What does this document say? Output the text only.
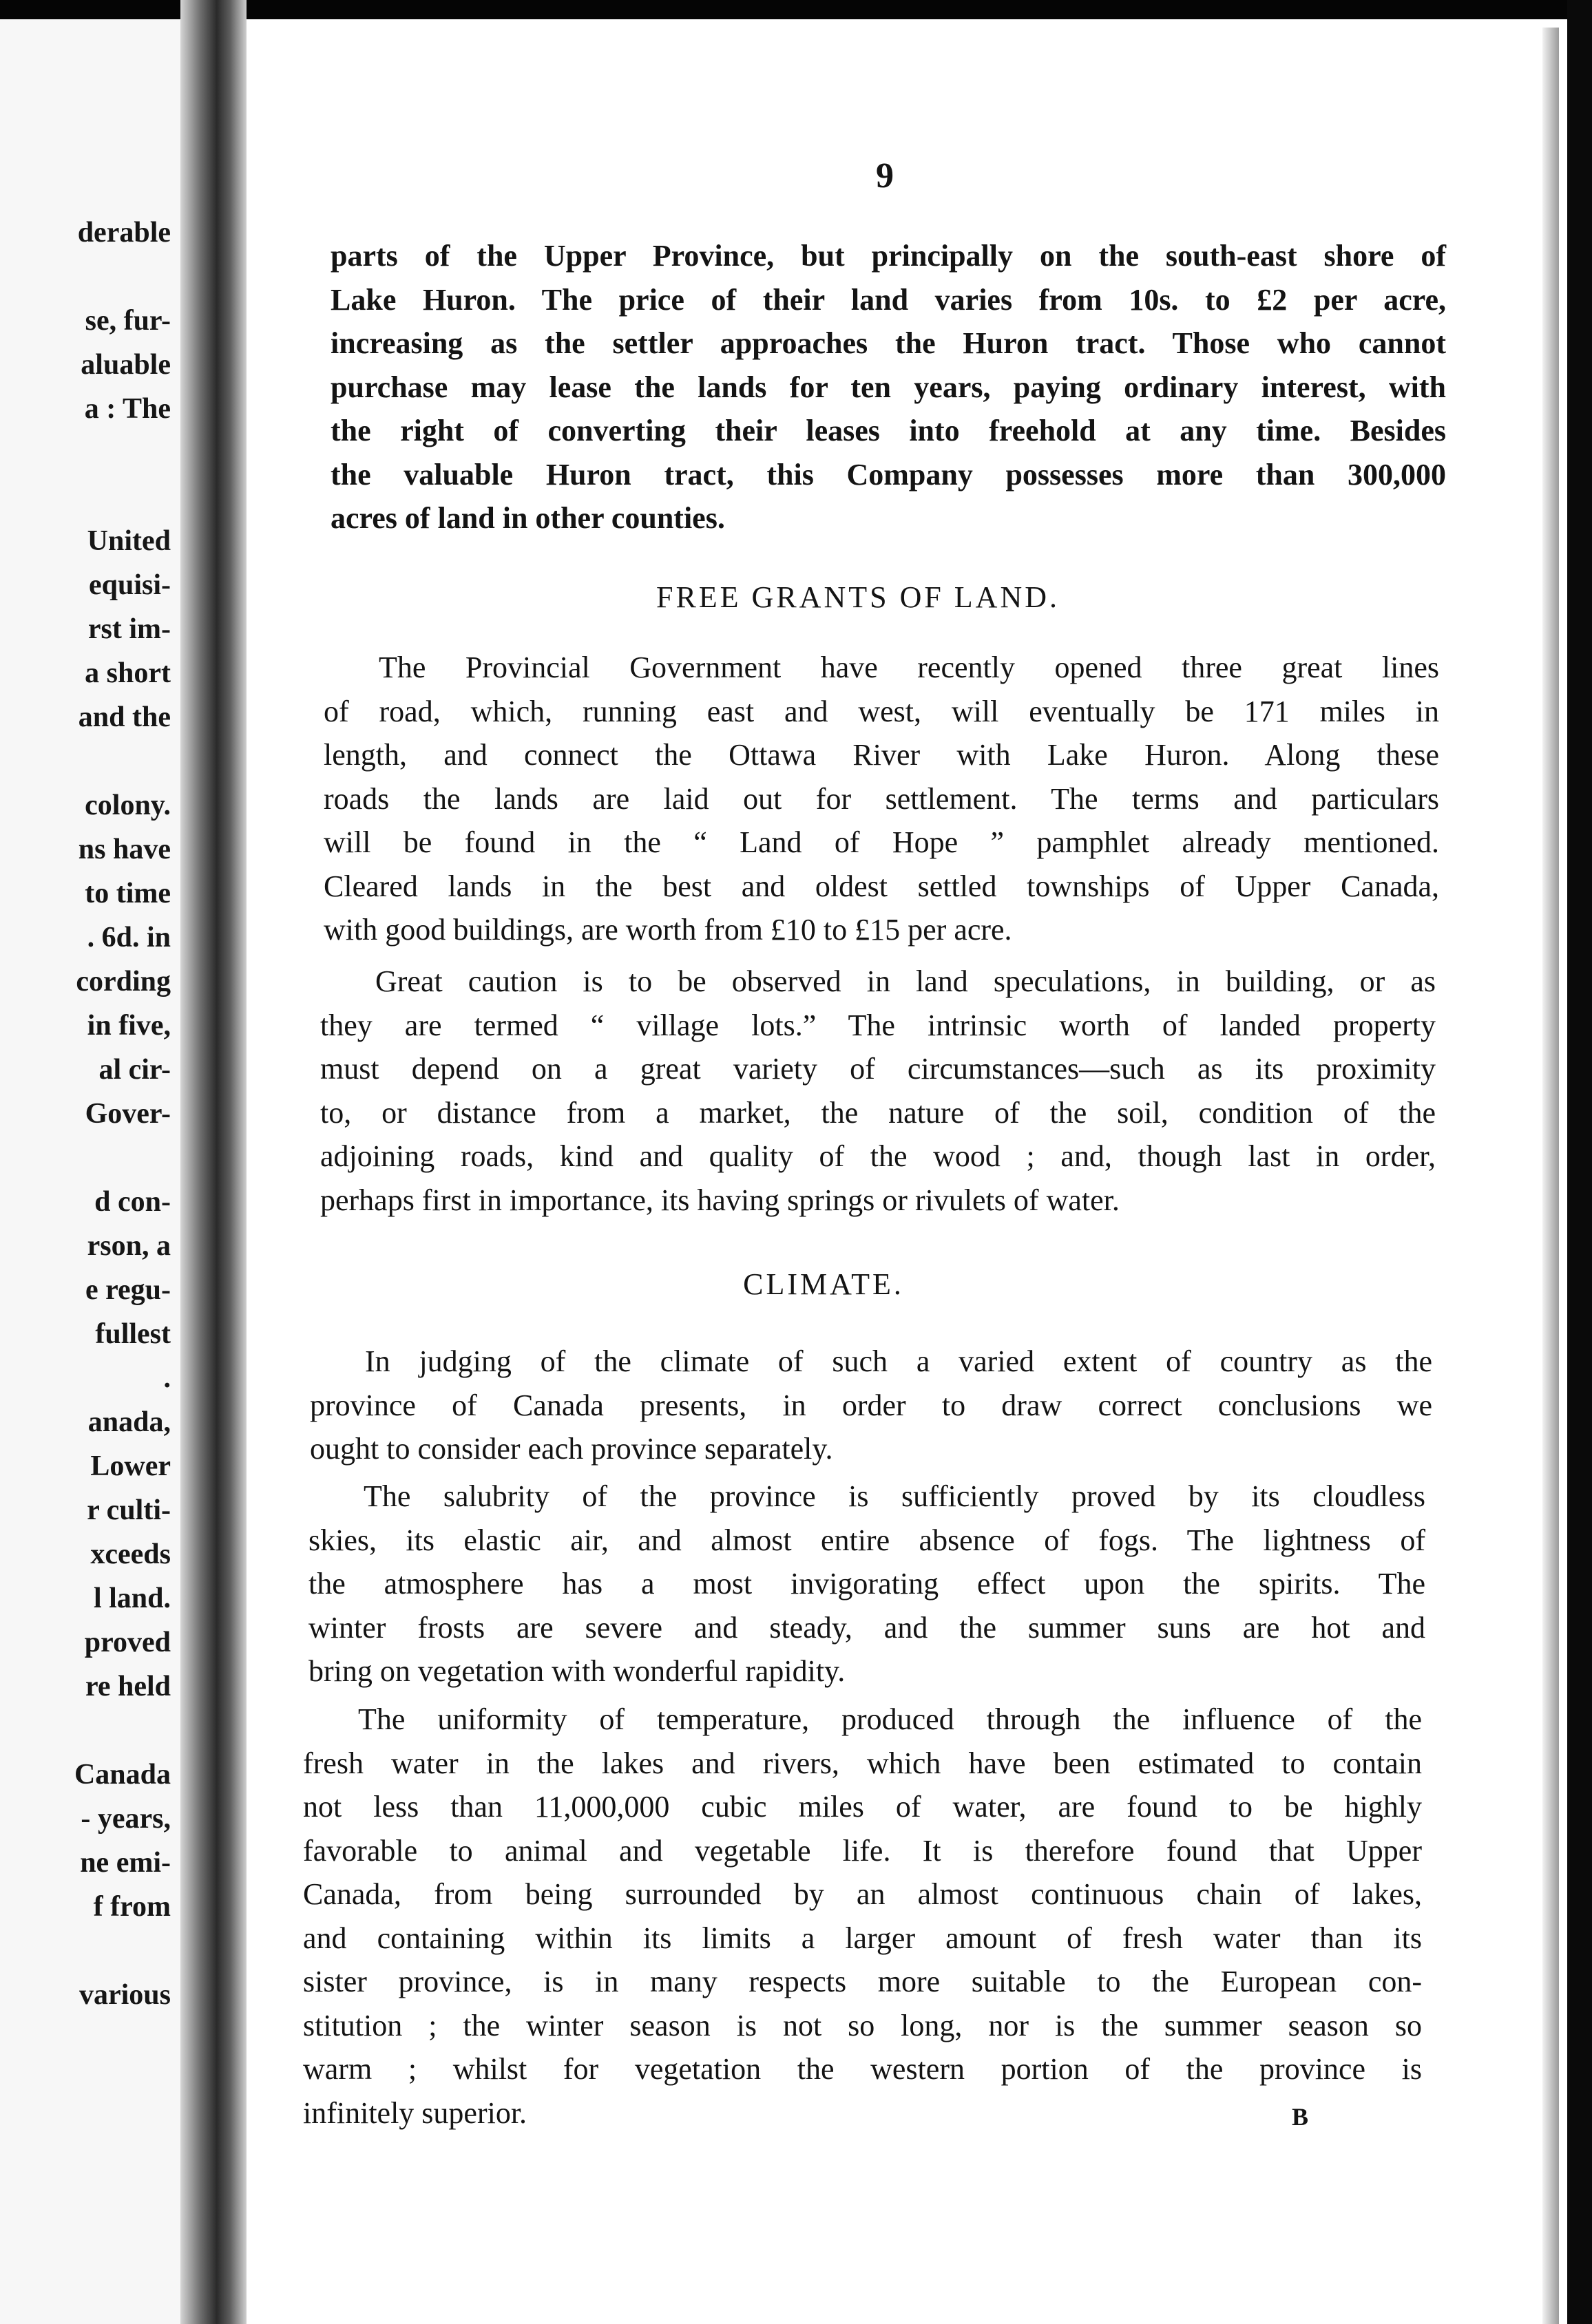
derable
se, fur-
aluable
a : The
United
equisi-
rst im-
a short
and the
colony.
ns have
to time
. 6d. in
cording
in five,
al cir-
Gover-
d con-
rson, a
e regu-
fullest
.
anada,
Lower
r culti-
xceeds
l land.
proved
re held
Canada
- years,
ne emi-
f from
various
9
parts of the Upper Province, but principally on the south-east shore of
Lake Huron. The price of their land varies from 10s. to £2 per acre,
increasing as the settler approaches the Huron tract. Those who cannot
purchase may lease the lands for ten years, paying ordinary interest, with
the right of converting their leases into freehold at any time. Besides
the valuable Huron tract, this Company possesses more than 300,000
acres of land in other counties.
FREE GRANTS OF LAND.
The Provincial Government have recently opened three great lines
of road, which, running east and west, will eventually be 171 miles in
length, and connect the Ottawa River with Lake Huron. Along these
roads the lands are laid out for settlement. The terms and particulars
will be found in the “ Land of Hope ” pamphlet already mentioned.
Cleared lands in the best and oldest settled townships of Upper Canada,
with good buildings, are worth from £10 to £15 per acre.
Great caution is to be observed in land speculations, in building, or as
they are termed “ village lots.” The intrinsic worth of landed property
must depend on a great variety of circumstances—such as its proximity
to, or distance from a market, the nature of the soil, condition of the
adjoining roads, kind and quality of the wood ; and, though last in order,
perhaps first in importance, its having springs or rivulets of water.
CLIMATE.
In judging of the climate of such a varied extent of country as the
province of Canada presents, in order to draw correct conclusions we
ought to consider each province separately.
The salubrity of the province is sufficiently proved by its cloudless
skies, its elastic air, and almost entire absence of fogs. The lightness of
the atmosphere has a most invigorating effect upon the spirits. The
winter frosts are severe and steady, and the summer suns are hot and
bring on vegetation with wonderful rapidity.
The uniformity of temperature, produced through the influence of the
fresh water in the lakes and rivers, which have been estimated to contain
not less than 11,000,000 cubic miles of water, are found to be highly
favorable to animal and vegetable life. It is therefore found that Upper
Canada, from being surrounded by an almost continuous chain of lakes,
and containing within its limits a larger amount of fresh water than its
sister province, is in many respects more suitable to the European con-
stitution ; the winter season is not so long, nor is the summer season so
warm ; whilst for vegetation the western portion of the province is
infinitely superior.	B
